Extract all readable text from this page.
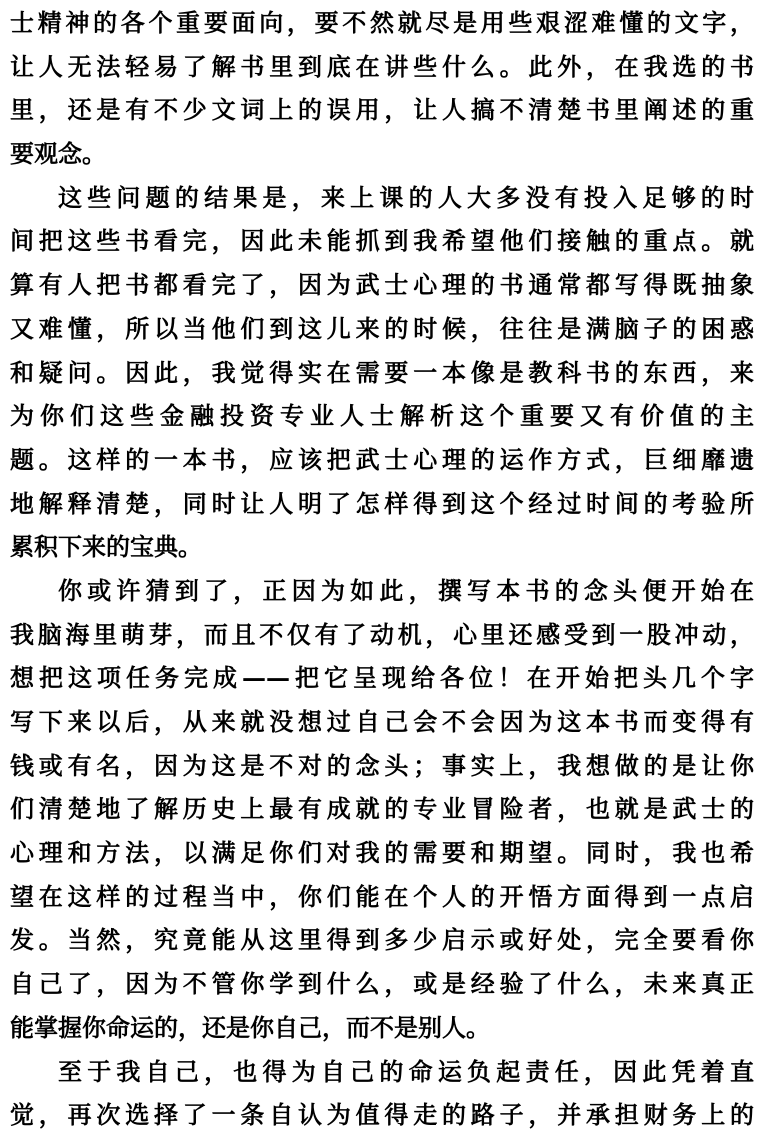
士精神的各个重要面向，要不然就尽是用些艰涩难懂的文字，
让人无法轻易了解书里到底在讲些什么。此外，在我选的书
里，还是有不少文词上的误用，让人搞不清楚书里阐述的重
要观念。
这些问题的结果是，来上课的人大多没有投入足够的时
间把这些书看完，因此未能抓到我希望他们接触的重点。就
算有人把书都看完了，因为武士心理的书通常都写得既抽象
又难懂，所以当他们到这儿来的时候，往往是满脑子的困惑
和疑问。因此，我觉得实在需要一本像是教科书的东西，来
为你们这些金融投资专业人士解析这个重要又有价值的主
题。这样的一本书，应该把武士心理的运作方式，巨细靡遗
地解释清楚，同时让人明了怎样得到这个经过时间的考验所
累积下来的宝典。
你或许猜到了，正因为如此，撰写本书的念头便开始在
我脑海里萌芽，而且不仅有了动机，心里还感受到一股冲动，
想把这项任务完成——把它呈现给各位！在开始把头几个字
写下来以后，从来就没想过自己会不会因为这本书而变得有
钱或有名，因为这是不对的念头；事实上，我想做的是让你
们清楚地了解历史上最有成就的专业冒险者，也就是武士的
心理和方法，以满足你们对我的需要和期望。同时，我也希
望在这样的过程当中，你们能在个人的开悟方面得到一点启
发。当然，究竟能从这里得到多少启示或好处，完全要看你
自己了，因为不管你学到什么，或是经验了什么，未来真正
能掌握你命运的，还是你自己，而不是别人。
至于我自己，也得为自己的命运负起责任，因此凭着直
觉，再次选择了一条自认为值得走的路子，并承担财务上的
